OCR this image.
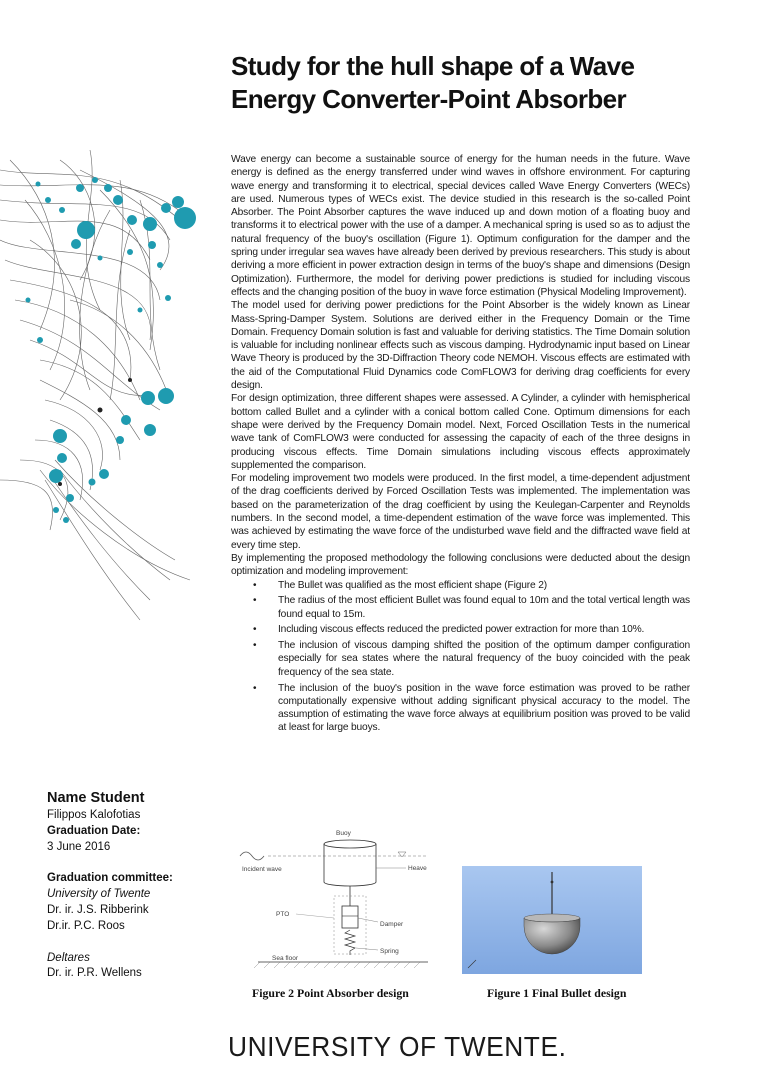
Study for the hull shape of a Wave
Energy Converter-Point Absorber

Wave energy can become a sustainable source of energy for the human needs in the future. Wave energy is defined as the energy transferred under wind waves in offshore environment. For capturing wave energy and transforming it to electrical, special devices called Wave Energy Converters (WECs) are used. Numerous types of WECs exist. The device studied in this research is the so-called Point Absorber. The Point Absorber captures the wave induced up and down motion of a floating buoy and transforms it to electrical power with the use of a damper. A mechanical spring is used so as to adjust the natural frequency of the buoy's oscillation (Figure 1). Optimum configuration for the damper and the spring under irregular sea waves have already been derived by previous researchers. This study is about deriving a more efficient in power extraction design in terms of the buoy's shape and dimensions (Design Optimization). Furthermore, the model for deriving power predictions is studied for including viscous effects and the changing position of the buoy in wave force estimation (Physical Modeling Improvement).

The model used for deriving power predictions for the Point Absorber is the widely known as Linear Mass-Spring-Damper System. Solutions are derived either in the Frequency Domain or the Time Domain. Frequency Domain solution is fast and valuable for deriving statistics. The Time Domain solution is valuable for including nonlinear effects such as viscous damping. Hydrodynamic input based on Linear Wave Theory is produced by the 3D-Diffraction Theory code NEMOH. Viscous effects are estimated with the aid of the Computational Fluid Dynamics code ComFLOW3 for deriving drag coefficients for every design.

For design optimization, three different shapes were assessed. A Cylinder, a cylinder with hemispherical bottom called Bullet and a cylinder with a conical bottom called Cone. Optimum dimensions for each shape were derived by the Frequency Domain model. Next, Forced Oscillation Tests in the numerical wave tank of ComFLOW3 were conducted for assessing the capacity of each of the three designs in producing viscous effects. Time Domain simulations including viscous effects approximately supplemented the comparison.

For modeling improvement two models were produced. In the first model, a time-dependent adjustment of the drag coefficients derived by Forced Oscillation Tests was implemented. The implementation was based on the parameterization of the drag coefficient by using the Keulegan-Carpenter and Reynolds numbers. In the second model, a time-dependent estimation of the wave force was implemented. This was achieved by estimating the wave force of the undisturbed wave field and the diffracted wave field at every time step.

By implementing the proposed methodology the following conclusions were deducted about the design optimization and modeling improvement:

• The Bullet was qualified as the most efficient shape (Figure 2)
• The radius of the most efficient Bullet was found equal to 10m and the total vertical length was found equal to 15m.
• Including viscous effects reduced the predicted power extraction for more than 10%.
• The inclusion of viscous damping shifted the position of the optimum damper configuration especially for sea states where the natural frequency of the buoy coincided with the peak frequency of the sea state.
• The inclusion of the buoy's position in the wave force estimation was proved to be rather computationally expensive without adding significant physical accuracy to the model. The assumption of estimating the wave force always at equilibrium position was proved to be valid at least for large buoys.
Name Student
Filippos Kalofotias
Graduation Date:
3 June 2016
Graduation committee:
University of Twente
Dr. ir. J.S. Ribberink
Dr.ir. P.C. Roos
Deltares
Dr. ir. P.R. Wellens
Buoy
Incident wave	Heave
PTO
Damper
Spring
Sea floor
Figure 2 Point Absorber design	Figure 1 Final Bullet design
UNIVERSITY OF TWENTE.
